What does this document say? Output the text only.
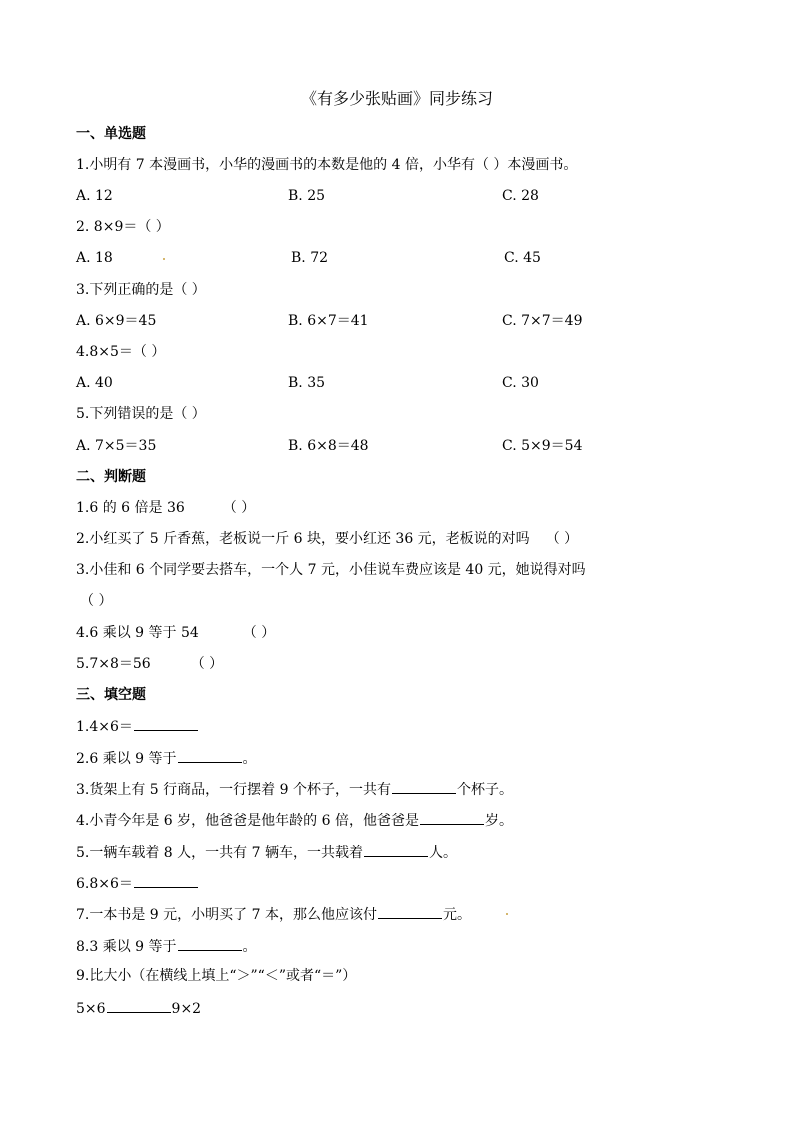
《有多少张贴画》同步练习
一、单选题
1.小明有 7 本漫画书，小华的漫画书的本数是他的 4 倍，小华有（ ）本漫画书。
A. 12	B. 25	C. 28
2. 8×9＝（ ）
A. 18	B. 72	C. 45
3.下列正确的是（ ）
A. 6×9＝45	B. 6×7＝41	C. 7×7＝49
4.8×5＝（ ）
A. 40	B. 35	C. 30
5.下列错误的是（ ）
A. 7×5＝35	B. 6×8＝48	C. 5×9＝54
二、判断题
1.6 的 6 倍是 36	（ ）
2.小红买了 5 斤香蕉，老板说一斤 6 块，要小红还 36 元，老板说的对吗 （ ）
3.小佳和 6 个同学要去搭车，一个人 7 元，小佳说车费应该是 40 元，她说得对吗
（ ）
4.6 乘以 9 等于 54	（ ）
5.7×8＝56	（ ）
三、填空题
1.4×6＝
2.6 乘以 9 等于	。
3.货架上有 5 行商品，一行摆着 9 个杯子，一共有	个杯子。
4.小青今年是 6 岁，他爸爸是他年龄的 6 倍，他爸爸是	岁。
5.一辆车载着 8 人，一共有 7 辆车，一共载着	人。
6.8×6＝
7.一本书是 9 元，小明买了 7 本，那么他应该付	元。
8.3 乘以 9 等于	。
9.比大小（在横线上填上“＞”“＜”或者“＝”）
5×6	9×2
